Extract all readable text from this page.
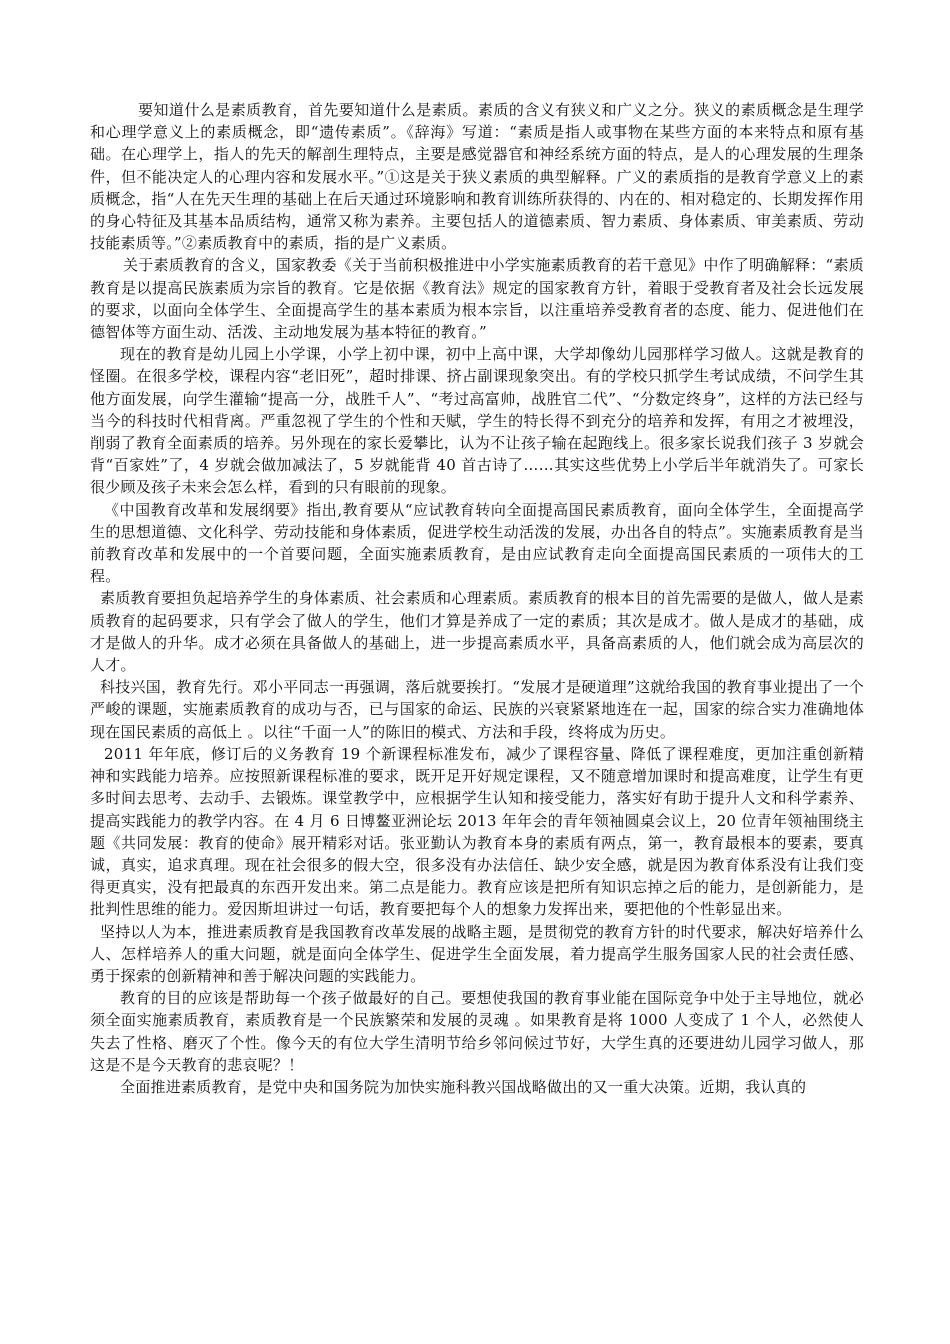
要知道什么是素质教育，首先要知道什么是素质。素质的含义有狭义和广义之分。狭义的素质概念是生理学和心理学意义上的素质概念，即“遗传素质”。《辞海》写道：“素质是指人或事物在某些方面的本来特点和原有基础。在心理学上，指人的先天的解剖生理特点，主要是感觉器官和神经系统方面的特点，是人的心理发展的生理条件，但不能决定人的心理内容和发展水平。”①这是关于狭义素质的典型解释。广义的素质指的是教育学意义上的素质概念，指“人在先天生理的基础上在后天通过环境影响和教育训练所获得的、内在的、相对稳定的、长期发挥作用的身心特征及其基本品质结构，通常又称为素养。主要包括人的道德素质、智力素质、身体素质、审美素质、劳动技能素质等。”②素质教育中的素质，指的是广义素质。

关于素质教育的含义，国家教委《关于当前积极推进中小学实施素质教育的若干意见》中作了明确解释：“素质教育是以提高民族素质为宗旨的教育。它是依据《教育法》规定的国家教育方针，着眼于受教育者及社会长远发展的要求，以面向全体学生、全面提高学生的基本素质为根本宗旨，以注重培养受教育者的态度、能力、促进他们在德智体等方面生动、活泼、主动地发展为基本特征的教育。”

现在的教育是幼儿园上小学课，小学上初中课，初中上高中课，大学却像幼儿园那样学习做人。这就是教育的怪圈。在很多学校，课程内容“老旧死”，超时排课、挤占副课现象突出。有的学校只抓学生考试成绩，不问学生其他方面发展，向学生灌输“提高一分，战胜千人”、“考过高富帅，战胜官二代”、“分数定终身”，这样的方法已经与当今的科技时代相背离。严重忽视了学生的个性和天赋，学生的特长得不到充分的培养和发挥，有用之才被埋没，削弱了教育全面素质的培养。另外现在的家长爱攀比，认为不让孩子输在起跑线上。很多家长说我们孩子 3 岁就会背“百家姓”了，4 岁就会做加减法了，5 岁就能背 40 首古诗了……其实这些优势上小学后半年就消失了。可家长很少顾及孩子未来会怎么样，看到的只有眼前的现象。

《中国教育改革和发展纲要》指出,教育要从“应试教育转向全面提高国民素质教育，面向全体学生，全面提高学生的思想道德、文化科学、劳动技能和身体素质，促进学校生动活泼的发展，办出各自的特点”。实施素质教育是当前教育改革和发展中的一个首要问题，全面实施素质教育，是由应试教育走向全面提高国民素质的一项伟大的工程。

素质教育要担负起培养学生的身体素质、社会素质和心理素质。素质教育的根本目的首先需要的是做人，做人是素质教育的起码要求，只有学会了做人的学生，他们才算是养成了一定的素质；其次是成才。做人是成才的基础，成才是做人的升华。成才必须在具备做人的基础上，进一步提高素质水平，具备高素质的人，他们就会成为高层次的人才。

科技兴国，教育先行。邓小平同志一再强调，落后就要挨打。“发展才是硬道理”这就给我国的教育事业提出了一个严峻的课题，实施素质教育的成功与否，已与国家的命运、民族的兴衰紧紧地连在一起，国家的综合实力准确地体现在国民素质的高低上 。以往“千面一人”的陈旧的模式、方法和手段，终将成为历史。

2011 年年底，修订后的义务教育 19 个新课程标准发布，减少了课程容量、降低了课程难度，更加注重创新精神和实践能力培养。应按照新课程标准的要求，既开足开好规定课程，又不随意增加课时和提高难度，让学生有更多时间去思考、去动手、去锻炼。课堂教学中，应根据学生认知和接受能力，落实好有助于提升人文和科学素养、提高实践能力的教学内容。在 4 月 6 日博鳌亚洲论坛 2013 年年会的青年领袖圆桌会议上，20 位青年领袖围绕主题《共同发展：教育的使命》展开精彩对话。张亚勤认为教育本身的素质有两点，第一，教育最根本的要素，要真诚，真实，追求真理。现在社会很多的假大空，很多没有办法信任、缺少安全感，就是因为教育体系没有让我们变得更真实，没有把最真的东西开发出来。第二点是能力。教育应该是把所有知识忘掉之后的能力，是创新能力，是批判性思维的能力。爱因斯坦讲过一句话，教育要把每个人的想象力发挥出来，要把他的个性彰显出来。

坚持以人为本，推进素质教育是我国教育改革发展的战略主题，是贯彻党的教育方针的时代要求，解决好培养什么人、怎样培养人的重大问题，就是面向全体学生、促进学生全面发展，着力提高学生服务国家人民的社会责任感、勇于探索的创新精神和善于解决问题的实践能力。

教育的目的应该是帮助每一个孩子做最好的自己。要想使我国的教育事业能在国际竞争中处于主导地位，就必须全面实施素质教育，素质教育是一个民族繁荣和发展的灵魂 。如果教育是将 1000 人变成了 1 个人，必然使人失去了性格、磨灭了个性。像今天的有位大学生清明节给乡邻问候过节好，大学生真的还要进幼儿园学习做人，那这是不是今天教育的悲哀呢？！

全面推进素质教育，是党中央和国务院为加快实施科教兴国战略做出的又一重大决策。近期，我认真的
